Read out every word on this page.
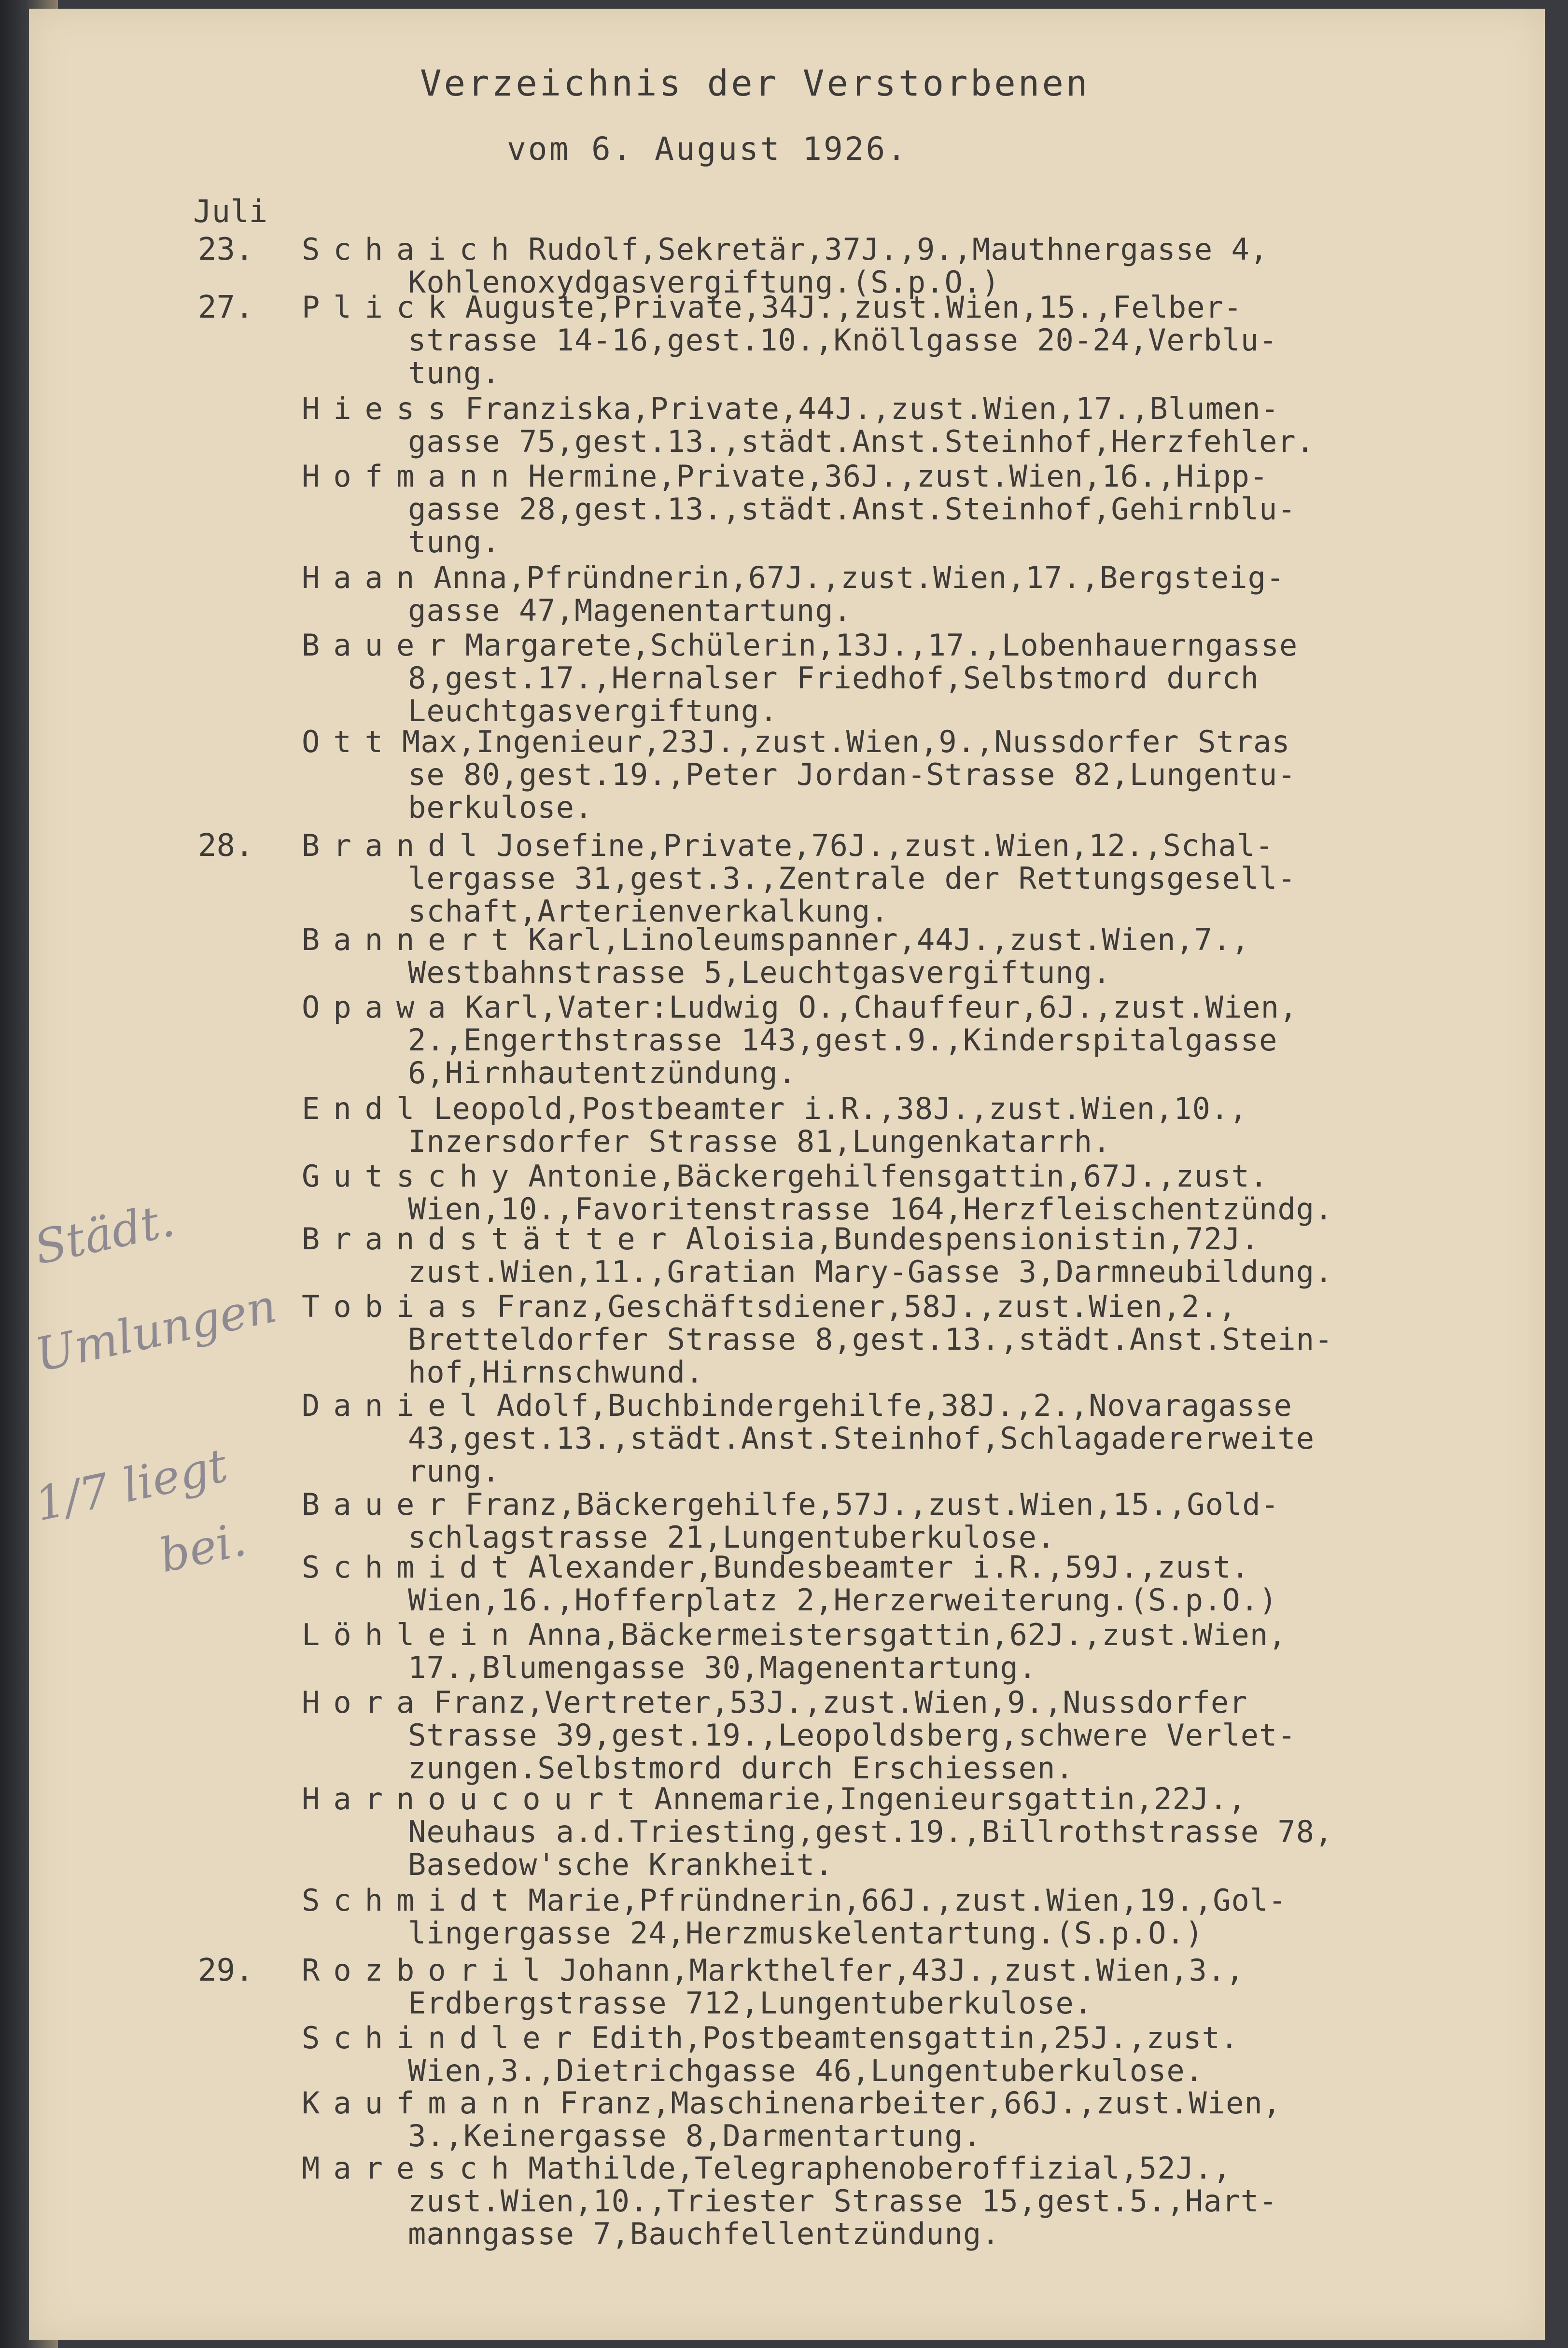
Verzeichnis der Verstorbenen
vom 6. August 1926.
Juli
23.
27.
28.
29.
Städt.
Umlungen
1/7 liegt
bei.
Schaich Rudolf,Sekretär,37J.,9.,Mauthnergasse 4,
Kohlenoxydgasvergiftung.(S.p.O.)
Plick Auguste,Private,34J.,zust.Wien,15.,Felber-
strasse 14-16,gest.10.,Knöllgasse 20-24,Verblu-
tung.
Hiess Franziska,Private,44J.,zust.Wien,17.,Blumen-
gasse 75,gest.13.,städt.Anst.Steinhof,Herzfehler.
Hofmann Hermine,Private,36J.,zust.Wien,16.,Hipp-
gasse 28,gest.13.,städt.Anst.Steinhof,Gehirnblu-
tung.
Haan Anna,Pfründnerin,67J.,zust.Wien,17.,Bergsteig-
gasse 47,Magenentartung.
Bauer Margarete,Schülerin,13J.,17.,Lobenhauerngasse
8,gest.17.,Hernalser Friedhof,Selbstmord durch
Leuchtgasvergiftung.
Ott Max,Ingenieur,23J.,zust.Wien,9.,Nussdorfer Stras
se 80,gest.19.,Peter Jordan-Strasse 82,Lungentu-
berkulose.
Brandl Josefine,Private,76J.,zust.Wien,12.,Schal-
lergasse 31,gest.3.,Zentrale der Rettungsgesell-
schaft,Arterienverkalkung.
Bannert Karl,Linoleumspanner,44J.,zust.Wien,7.,
Westbahnstrasse 5,Leuchtgasvergiftung.
Opawa Karl,Vater:Ludwig O.,Chauffeur,6J.,zust.Wien,
2.,Engerthstrasse 143,gest.9.,Kinderspitalgasse
6,Hirnhautentzündung.
Endl Leopold,Postbeamter i.R.,38J.,zust.Wien,10.,
Inzersdorfer Strasse 81,Lungenkatarrh.
Gutschy Antonie,Bäckergehilfensgattin,67J.,zust.
Wien,10.,Favoritenstrasse 164,Herzfleischentzündg.
Brandstätter Aloisia,Bundespensionistin,72J.
zust.Wien,11.,Gratian Mary-Gasse 3,Darmneubildung.
Tobias Franz,Geschäftsdiener,58J.,zust.Wien,2.,
Bretteldorfer Strasse 8,gest.13.,städt.Anst.Stein-
hof,Hirnschwund.
Daniel Adolf,Buchbindergehilfe,38J.,2.,Novaragasse
43,gest.13.,städt.Anst.Steinhof,Schlagadererweite
rung.
Bauer Franz,Bäckergehilfe,57J.,zust.Wien,15.,Gold-
schlagstrasse 21,Lungentuberkulose.
Schmidt Alexander,Bundesbeamter i.R.,59J.,zust.
Wien,16.,Hofferplatz 2,Herzerweiterung.(S.p.O.)
Löhlein Anna,Bäckermeistersgattin,62J.,zust.Wien,
17.,Blumengasse 30,Magenentartung.
Hora Franz,Vertreter,53J.,zust.Wien,9.,Nussdorfer
Strasse 39,gest.19.,Leopoldsberg,schwere Verlet-
zungen.Selbstmord durch Erschiessen.
Harnoucourt Annemarie,Ingenieursgattin,22J.,
Neuhaus a.d.Triesting,gest.19.,Billrothstrasse 78,
Basedow'sche Krankheit.
Schmidt Marie,Pfründnerin,66J.,zust.Wien,19.,Gol-
lingergasse 24,Herzmuskelentartung.(S.p.O.)
Rozboril Johann,Markthelfer,43J.,zust.Wien,3.,
Erdbergstrasse 712,Lungentuberkulose.
Schindler Edith,Postbeamtensgattin,25J.,zust.
Wien,3.,Dietrichgasse 46,Lungentuberkulose.
Kaufmann Franz,Maschinenarbeiter,66J.,zust.Wien,
3.,Keinergasse 8,Darmentartung.
Maresch Mathilde,Telegraphenoberoffizial,52J.,
zust.Wien,10.,Triester Strasse 15,gest.5.,Hart-
manngasse 7,Bauchfellentzündung.
